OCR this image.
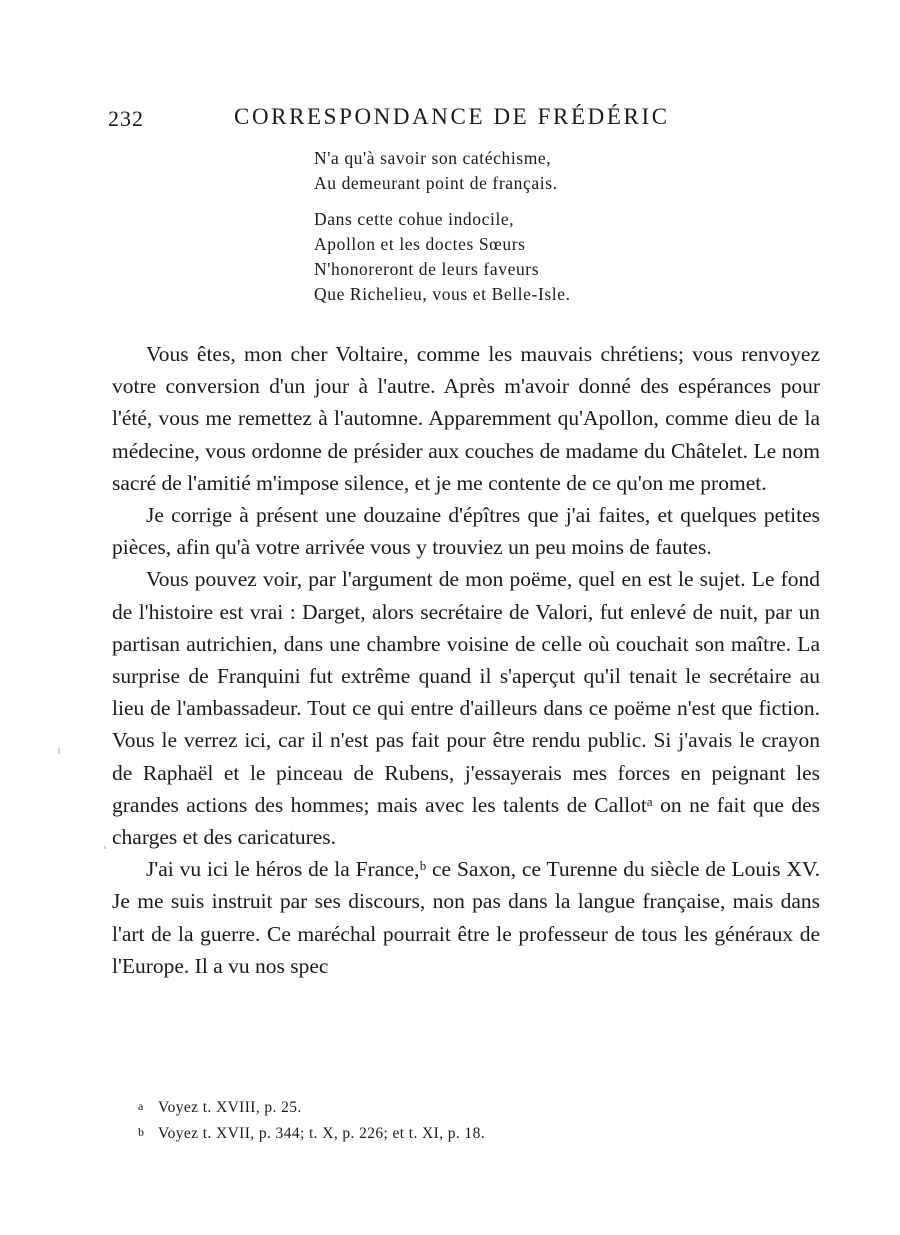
232	CORRESPONDANCE DE FRÉDÉRIC
N'a qu'à savoir son catéchisme,
Au demeurant point de français.
Dans cette cohue indocile,
Apollon et les doctes Sœurs
N'honoreront de leurs faveurs
Que Richelieu, vous et Belle-Isle.

Vous êtes, mon cher Voltaire, comme les mauvais chrétiens; vous renvoyez votre conversion d'un jour à l'autre. Après m'avoir donné des espérances pour l'été, vous me remettez à l'automne. Apparemment qu'Apollon, comme dieu de la médecine, vous ordonne de présider aux couches de madame du Châtelet. Le nom sacré de l'amitié m'impose silence, et je me contente de ce qu'on me promet.

Je corrige à présent une douzaine d'épîtres que j'ai faites, et quelques petites pièces, afin qu'à votre arrivée vous y trouviez un peu moins de fautes.

Vous pouvez voir, par l'argument de mon poëme, quel en est le sujet. Le fond de l'histoire est vrai : Darget, alors secrétaire de Valori, fut enlevé de nuit, par un partisan autrichien, dans une chambre voisine de celle où couchait son maître. La surprise de Franquini fut extrême quand il s'aperçut qu'il tenait le secrétaire au lieu de l'ambassadeur. Tout ce qui entre d'ailleurs dans ce poëme n'est que fiction. Vous le verrez ici, car il n'est pas fait pour être rendu public. Si j'avais le crayon de Raphaël et le pinceau de Rubens, j'essayerais mes forces en peignant les grandes actions des hommes; mais avec les talents de Callotᵃ on ne fait que des charges et des caricatures.

J'ai vu ici le héros de la France,ᵇ ce Saxon, ce Turenne du siècle de Louis XV. Je me suis instruit par ses discours, non pas dans la langue française, mais dans l'art de la guerre. Ce maréchal pourrait être le professeur de tous les généraux de l'Europe. Il a vu nos spec

a Voyez t. XVIII, p. 25.
b Voyez t. XVII, p. 344; t. X, p. 226; et t. XI, p. 18.
